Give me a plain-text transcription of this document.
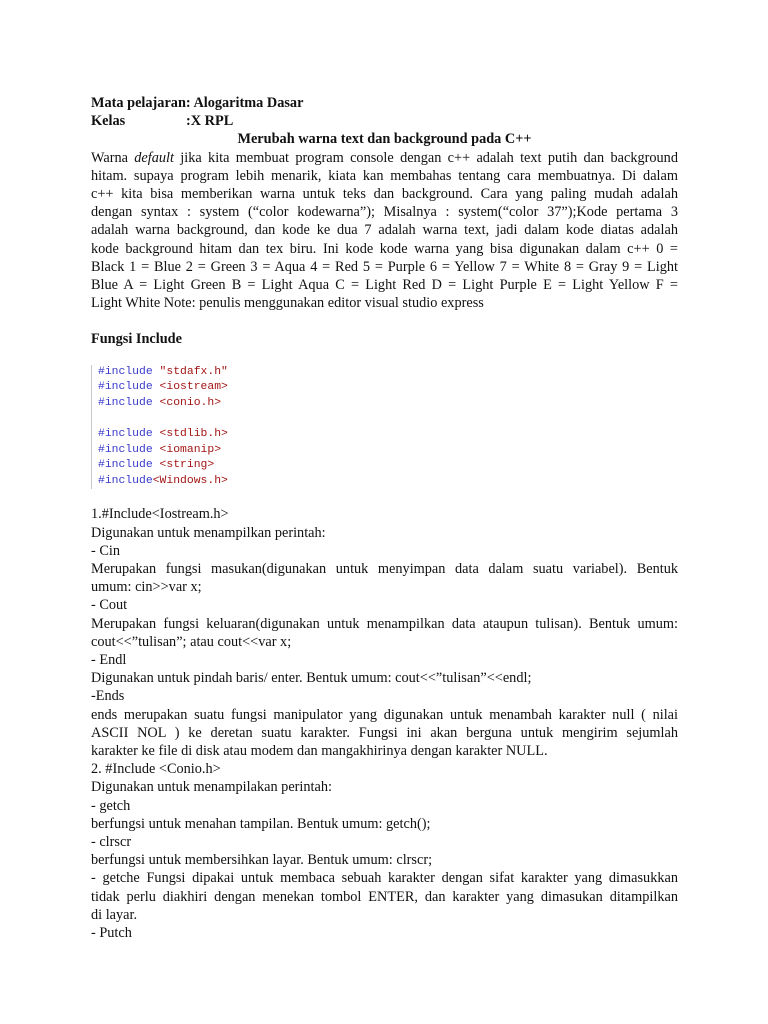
Mata pelajaran: Alogaritma Dasar
Kelas	:X RPL
Merubah warna text dan background pada C++
Warna default jika kita membuat program console dengan c++ adalah text putih dan background
hitam. supaya program lebih menarik, kiata kan membahas tentang cara membuatnya. Di dalam
c++ kita bisa memberikan warna untuk teks dan background. Cara yang paling mudah adalah
dengan syntax : system (“color kodewarna”); Misalnya : system(“color 37”);Kode pertama 3
adalah warna background, dan kode ke dua 7 adalah warna text, jadi dalam kode diatas adalah
kode background hitam dan tex biru. Ini kode kode warna yang bisa digunakan dalam c++ 0 =
Black 1 = Blue 2 = Green 3 = Aqua 4 = Red 5 = Purple 6 = Yellow 7 = White 8 = Gray 9 = Light
Blue A = Light Green B = Light Aqua C = Light Red D = Light Purple E = Light Yellow F =
Light White Note: penulis menggunakan editor visual studio express
Fungsi Include
#include "stdafx.h"
#include <iostream>
#include <conio.h>
#include <stdlib.h>
#include <iomanip>
#include <string>
#include<Windows.h>
1.#Include<Iostream.h>
Digunakan untuk menampilkan perintah:
- Cin
Merupakan fungsi masukan(digunakan untuk menyimpan data dalam suatu variabel). Bentuk
umum: cin>>var x;
- Cout
Merupakan fungsi keluaran(digunakan untuk menampilkan data ataupun tulisan). Bentuk umum:
cout<<”tulisan”; atau cout<<var x;
- Endl
Digunakan untuk pindah baris/ enter. Bentuk umum: cout<<”tulisan”<<endl;
-Ends
ends merupakan suatu fungsi manipulator yang digunakan untuk menambah karakter null ( nilai
ASCII NOL ) ke deretan suatu karakter. Fungsi ini akan berguna untuk mengirim sejumlah
karakter ke file di disk atau modem dan mangakhirinya dengan karakter NULL.
2. #Include <Conio.h>
Digunakan untuk menampilakan perintah:
- getch
berfungsi untuk menahan tampilan. Bentuk umum: getch();
- clrscr
berfungsi untuk membersihkan layar. Bentuk umum: clrscr;
- getche Fungsi dipakai untuk membaca sebuah karakter dengan sifat karakter yang dimasukkan
tidak perlu diakhiri dengan menekan tombol ENTER, dan karakter yang dimasukan ditampilkan
di layar.
- Putch
